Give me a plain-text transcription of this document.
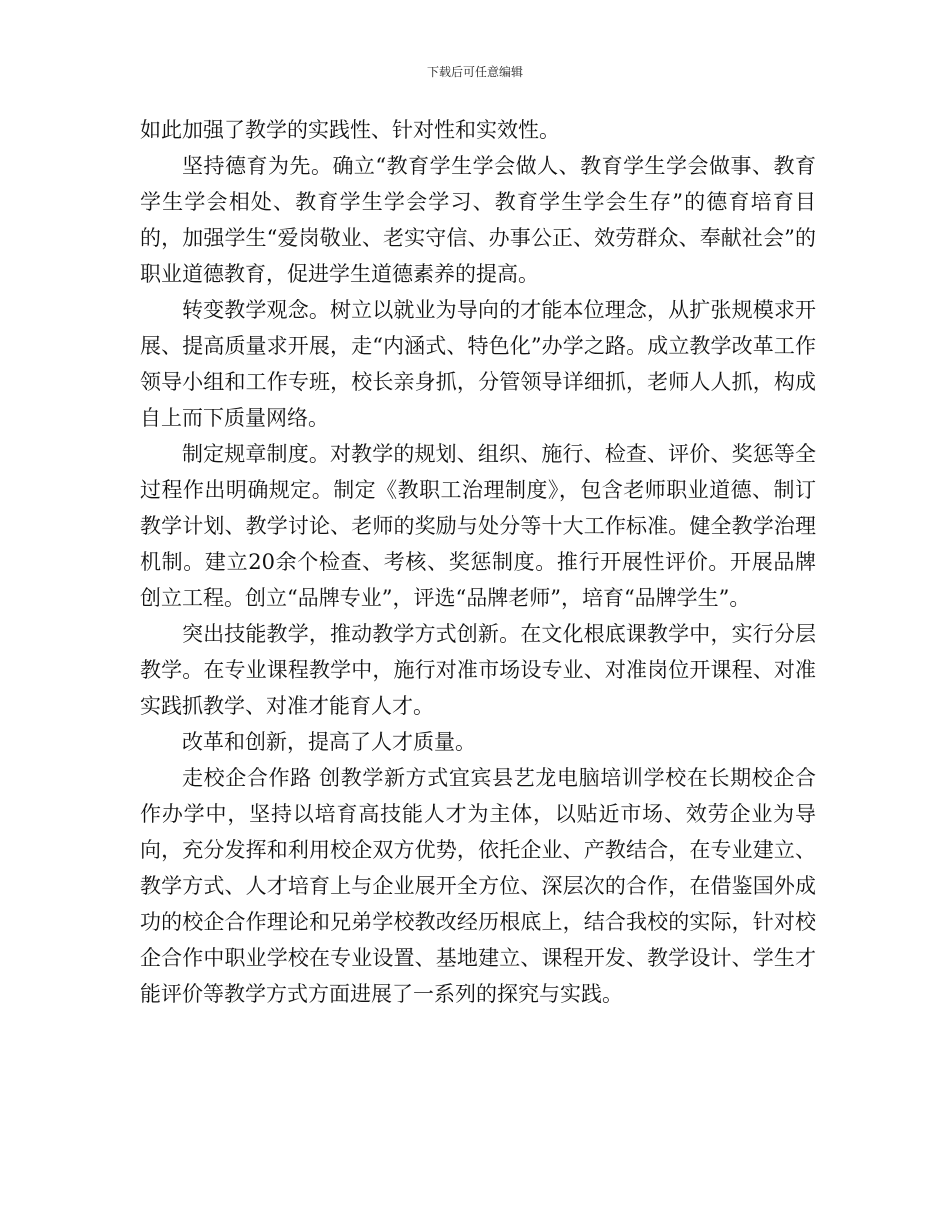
下载后可任意编辑

如此加强了教学的实践性、针对性和实效性。

坚持德育为先。确立“教育学生学会做人、教育学生学会做事、教育学生学会相处、教育学生学会学习、教育学生学会生存”的德育培育目的，加强学生“爱岗敬业、老实守信、办事公正、效劳群众、奉献社会”的职业道德教育，促进学生道德素养的提高。

转变教学观念。树立以就业为导向的才能本位理念，从扩张规模求开展、提高质量求开展，走“内涵式、特色化”办学之路。成立教学改革工作领导小组和工作专班，校长亲身抓，分管领导详细抓，老师人人抓，构成自上而下质量网络。

制定规章制度。对教学的规划、组织、施行、检查、评价、奖惩等全过程作出明确规定。制定《教职工治理制度》，包含老师职业道德、制订教学计划、教学讨论、老师的奖励与处分等十大工作标准。健全教学治理机制。建立20余个检查、考核、奖惩制度。推行开展性评价。开展品牌创立工程。创立“品牌专业”，评选“品牌老师”，培育“品牌学生”。

突出技能教学，推动教学方式创新。在文化根底课教学中，实行分层教学。在专业课程教学中，施行对准市场设专业、对准岗位开课程、对准实践抓教学、对准才能育人才。

改革和创新，提高了人才质量。

走校企合作路 创教学新方式宜宾县艺龙电脑培训学校在长期校企合作办学中，坚持以培育高技能人才为主体，以贴近市场、效劳企业为导向，充分发挥和利用校企双方优势，依托企业、产教结合，在专业建立、教学方式、人才培育上与企业展开全方位、深层次的合作，在借鉴国外成功的校企合作理论和兄弟学校教改经历根底上，结合我校的实际，针对校企合作中职业学校在专业设置、基地建立、课程开发、教学设计、学生才能评价等教学方式方面进展了一系列的探究与实践。
